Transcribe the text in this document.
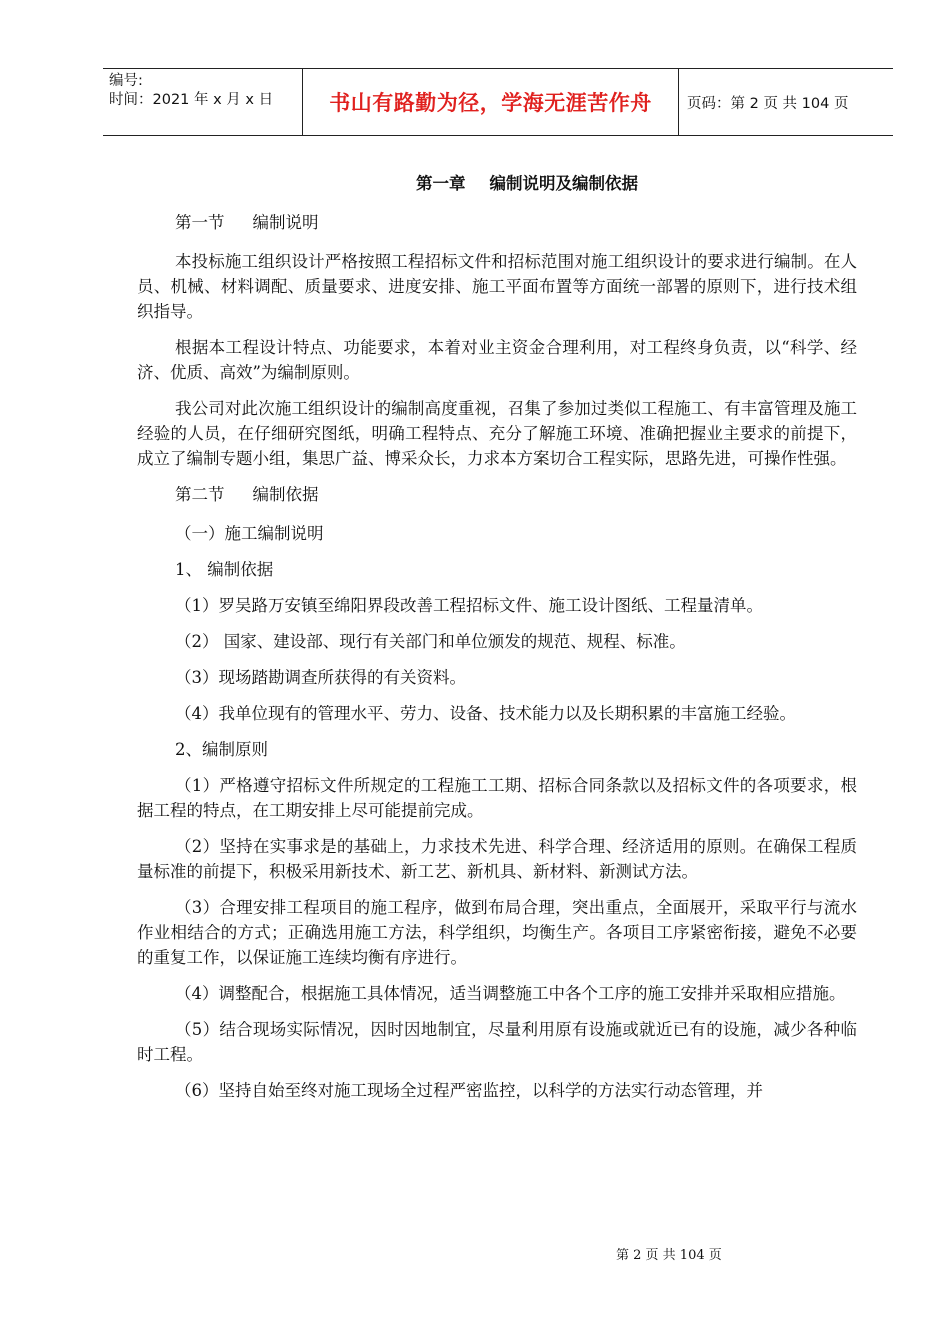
编号:
时间：2021 年 x 月 x 日	书山有路勤为径，学海无涯苦作舟	页码：第 2 页 共 104 页
第一章 编制说明及编制依据

第一节 编制说明

本投标施工组织设计严格按照工程招标文件和招标范围对施工组织设计的要求进行编制。在人员、机械、材料调配、质量要求、进度安排、施工平面布置等方面统一部署的原则下，进行技术组织指导。

根据本工程设计特点、功能要求，本着对业主资金合理利用，对工程终身负责，以“科学、经济、优质、高效”为编制原则。

我公司对此次施工组织设计的编制高度重视，召集了参加过类似工程施工、有丰富管理及施工经验的人员，在仔细研究图纸，明确工程特点、充分了解施工环境、准确把握业主要求的前提下，成立了编制专题小组，集思广益、博采众长，力求本方案切合工程实际，思路先进，可操作性强。

第二节 编制依据

（一）施工编制说明

1、 编制依据

（1）罗吴路万安镇至绵阳界段改善工程招标文件、施工设计图纸、工程量清单。

（2） 国家、建设部、现行有关部门和单位颁发的规范、规程、标准。

（3）现场踏勘调查所获得的有关资料。

（4）我单位现有的管理水平、劳力、设备、技术能力以及长期积累的丰富施工经验。

2、编制原则

（1）严格遵守招标文件所规定的工程施工工期、招标合同条款以及招标文件的各项要求，根据工程的特点，在工期安排上尽可能提前完成。

（2）坚持在实事求是的基础上，力求技术先进、科学合理、经济适用的原则。在确保工程质量标准的前提下，积极采用新技术、新工艺、新机具、新材料、新测试方法。

（3）合理安排工程项目的施工程序，做到布局合理，突出重点，全面展开，采取平行与流水作业相结合的方式；正确选用施工方法，科学组织，均衡生产。各项目工序紧密衔接，避免不必要的重复工作，以保证施工连续均衡有序进行。

（4）调整配合，根据施工具体情况，适当调整施工中各个工序的施工安排并采取相应措施。

（5）结合现场实际情况，因时因地制宜，尽量利用原有设施或就近已有的设施，减少各种临时工程。

（6）坚持自始至终对施工现场全过程严密监控，以科学的方法实行动态管理，并

第 2 页 共 104 页
